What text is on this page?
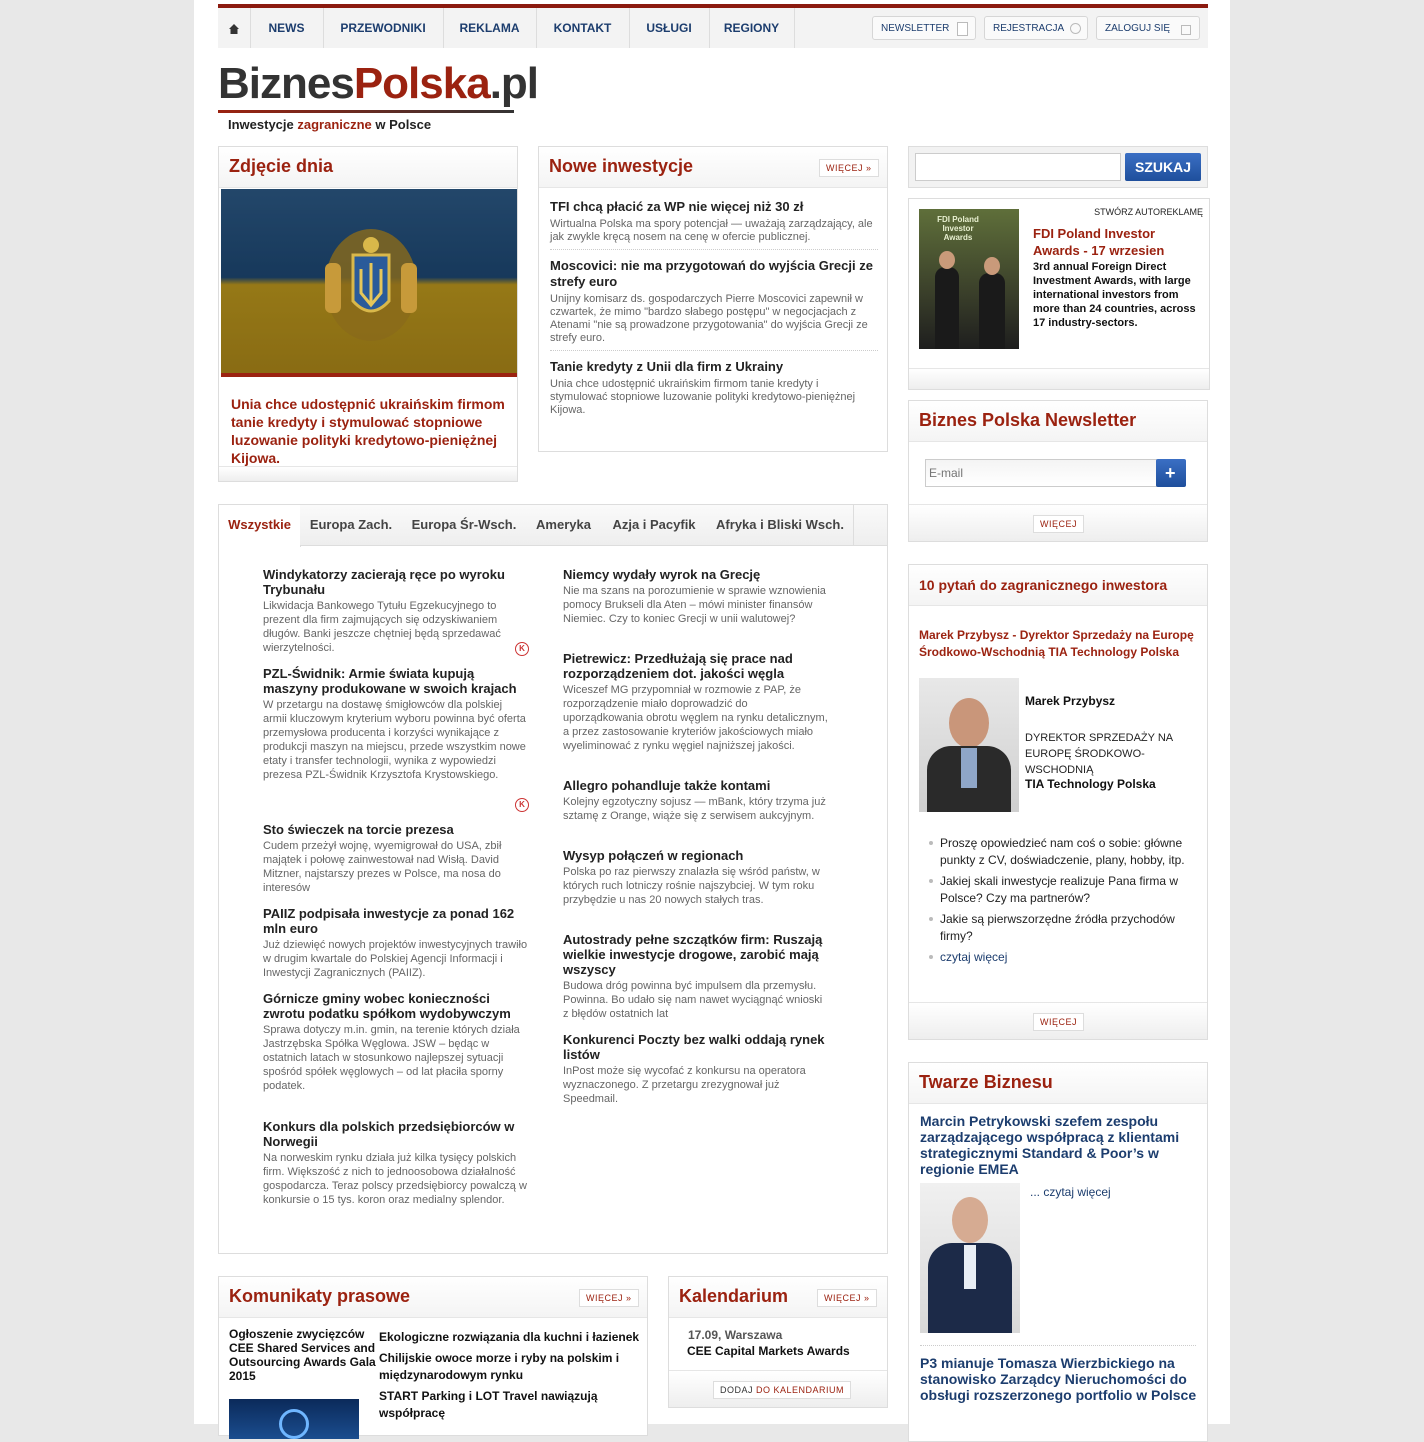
NEWS	PRZEWODNIKI	REKLAMA	KONTAKT	USŁUGI	REGIONY	NEWSLETTER	REJESTRACJA	ZALOGUJ SIĘ
BiznesPolska.pl
Inwestycje zagraniczne w Polsce
Zdjęcie dnia
Unia chce udostępnić ukraińskim firmom tanie kredyty i stymulować stopniowe luzowanie polityki kredytowo-pieniężnej Kijowa.
Nowe inwestycje	WIĘCEJ »
TFI chcą płacić za WP nie więcej niż 30 zł
Wirtualna Polska ma spory potencjał — uważają zarządzający, ale jak zwykle kręcą nosem na cenę w ofercie publicznej.
Moscovici: nie ma przygotowań do wyjścia Grecji ze strefy euro
Unijny komisarz ds. gospodarczych Pierre Moscovici zapewnił w czwartek, że mimo "bardzo słabego postępu" w negocjacjach z Atenami "nie są prowadzone przygotowania" do wyjścia Grecji ze strefy euro.
Tanie kredyty z Unii dla firm z Ukrainy
Unia chce udostępnić ukraińskim firmom tanie kredyty i stymulować stopniowe luzowanie polityki kredytowo-pieniężnej Kijowa.
SZUKAJ
STWÓRZ AUTOREKLAMĘ
FDI Poland Investor Awards	FDI Poland Investor Awards - 17 wrzesien
3rd annual Foreign Direct Investment Awards, with large international investors from more than 24 countries, across 17 industry-sectors.
Biznes Polska Newsletter
E-mail
+
WIĘCEJ
Wszystkie	Europa Zach.	Europa Śr-Wsch.	Ameryka	Azja i Pacyfik	Afryka i Bliski Wsch.
Windykatorzy zacierają ręce po wyroku Trybunału
Likwidacja Bankowego Tytułu Egzekucyjnego to prezent dla firm zajmujących się odzyskiwaniem długów. Banki jeszcze chętniej będą sprzedawać wierzytelności.	K
PZL-Świdnik: Armie świata kupują maszyny produkowane w swoich krajach
W przetargu na dostawę śmigłowców dla polskiej armii kluczowym kryterium wyboru powinna być oferta przemysłowa producenta i korzyści wynikające z produkcji maszyn na miejscu, przede wszystkim nowe etaty i transfer technologii, wynika z wypowiedzi prezesa PZL-Świdnik Krzysztofa Krystowskiego.
K
Sto świeczek na torcie prezesa
Cudem przeżył wojnę, wyemigrował do USA, zbił majątek i połowę zainwestował nad Wisłą. David Mitzner, najstarszy prezes w Polsce, ma nosa do interesów
PAIIZ podpisała inwestycje za ponad 162 mln euro
Już dziewięć nowych projektów inwestycyjnych trawiło w drugim kwartale do Polskiej Agencji Informacji i Inwestycji Zagranicznych (PAIIZ).
Górnicze gminy wobec konieczności zwrotu podatku spółkom wydobywczym
Sprawa dotyczy m.in. gmin, na terenie których działa Jastrzębska Spółka Węglowa. JSW – będąc w ostatnich latach w stosunkowo najlepszej sytuacji spośród spółek węglowych – od lat płaciła sporny podatek.
Konkurs dla polskich przedsiębiorców w Norwegii
Na norweskim rynku działa już kilka tysięcy polskich firm. Większość z nich to jednoosobowa działalność gospodarcza. Teraz polscy przedsiębiorcy powalczą w konkursie o 15 tys. koron oraz medialny splendor.
Niemcy wydały wyrok na Grecję
Nie ma szans na porozumienie w sprawie wznowienia pomocy Brukseli dla Aten – mówi minister finansów Niemiec. Czy to koniec Grecji w unii walutowej?
Pietrewicz: Przedłużają się prace nad rozporządzeniem dot. jakości węgla
Wiceszef MG przypomniał w rozmowie z PAP, że rozporządzenie miało doprowadzić do uporządkowania obrotu węglem na rynku detalicznym, a przez zastosowanie kryteriów jakościowych miało wyeliminować z rynku węgiel najniższej jakości.
Allegro pohandluje także kontami
Kolejny egzotyczny sojusz — mBank, który trzyma już sztamę z Orange, wiąże się z serwisem aukcyjnym.
Wysyp połączeń w regionach
Polska po raz pierwszy znalazła się wśród państw, w których ruch lotniczy rośnie najszybciej. W tym roku przybędzie u nas 20 nowych stałych tras.
Autostrady pełne szczątków firm: Ruszają wielkie inwestycje drogowe, zarobić mają wszyscy
Budowa dróg powinna być impulsem dla przemysłu. Powinna. Bo udało się nam nawet wyciągnąć wnioski z błędów ostatnich lat
Konkurenci Poczty bez walki oddają rynek listów
InPost może się wycofać z konkursu na operatora wyznaczonego. Z przetargu zrezygnował już Speedmail.
10 pytań do zagranicznego inwestora
Marek Przybysz - Dyrektor Sprzedaży na Europę Środkowo-Wschodnią TIA Technology Polska
Marek Przybysz
DYREKTOR SPRZEDAŻY NA EUROPĘ ŚRODKOWO-WSCHODNIĄ
TIA Technology Polska
Proszę opowiedzieć nam coś o sobie: główne punkty z CV, doświadczenie, plany, hobby, itp.
Jakiej skali inwestycje realizuje Pana firma w Polsce? Czy ma partnerów?
Jakie są pierwszorzędne źródła przychodów firmy?
czytaj więcej
WIĘCEJ
Twarze Biznesu
Marcin Petrykowski szefem zespołu zarządzającego współpracą z klientami strategicznymi Standard & Poor’s w regionie EMEA
... czytaj więcej
P3 mianuje Tomasza Wierzbickiego na stanowisko Zarządcy Nieruchomości do obsługi rozszerzonego portfolio w Polsce
Komunikaty prasowe	WIĘCEJ »
Ogłoszenie zwycięzców CEE Shared Services and Outsourcing Awards Gala 2015
Ekologiczne rozwiązania dla kuchni i łazienek
Chilijskie owoce morze i ryby na polskim i międzynarodowym rynku
START Parking i LOT Travel nawiązują współpracę
Kalendarium	WIĘCEJ »
17.09, Warszawa
CEE Capital Markets Awards
DODAJ DO KALENDARIUM
